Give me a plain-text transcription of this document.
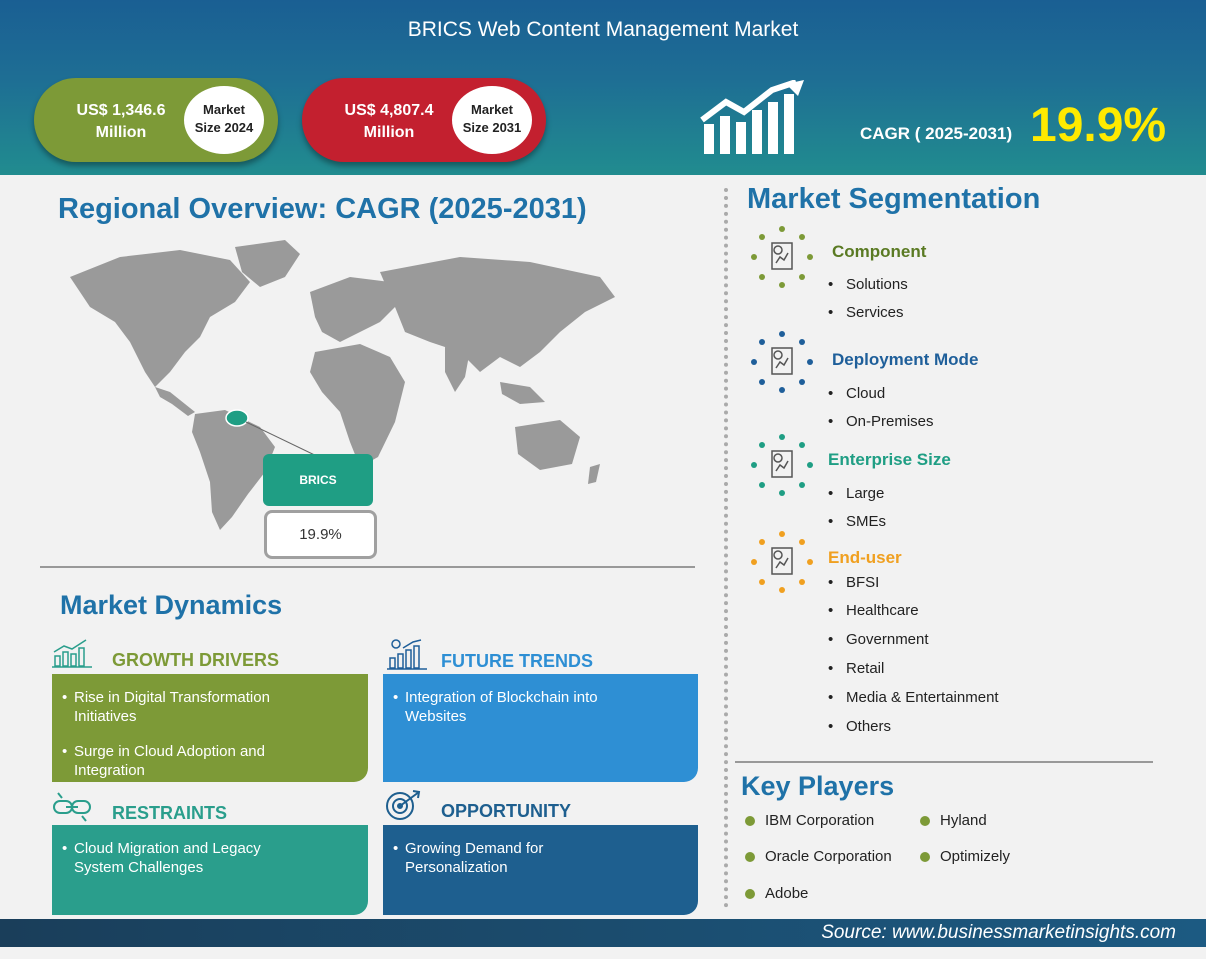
BRICS Web Content Management Market
US$ 1,346.6
Million
Market
Size 2024
US$ 4,807.4
Million
Market
Size 2031	CAGR ( 2025-2031) 19.9%
Regional Overview: CAGR (2025-2031)
BRICS
19.9%
Market Dynamics
GROWTH DRIVERS
• Rise in Digital Transformation Initiatives
• Surge in Cloud Adoption and Integration
FUTURE TRENDS
• Integration of Blockchain into Websites
RESTRAINTS
• Cloud Migration and Legacy System Challenges
OPPORTUNITY
• Growing Demand for Personalization
Market Segmentation
Component
• Solutions
• Services
Deployment Mode
• Cloud
• On-Premises
Enterprise Size
• Large
• SMEs
End-user
• BFSI
• Healthcare
• Government
• Retail
• Media & Entertainment
• Others
Key Players
IBM Corporation	Hyland
Oracle Corporation	Optimizely
Adobe
Source: www.businessmarketinsights.com
